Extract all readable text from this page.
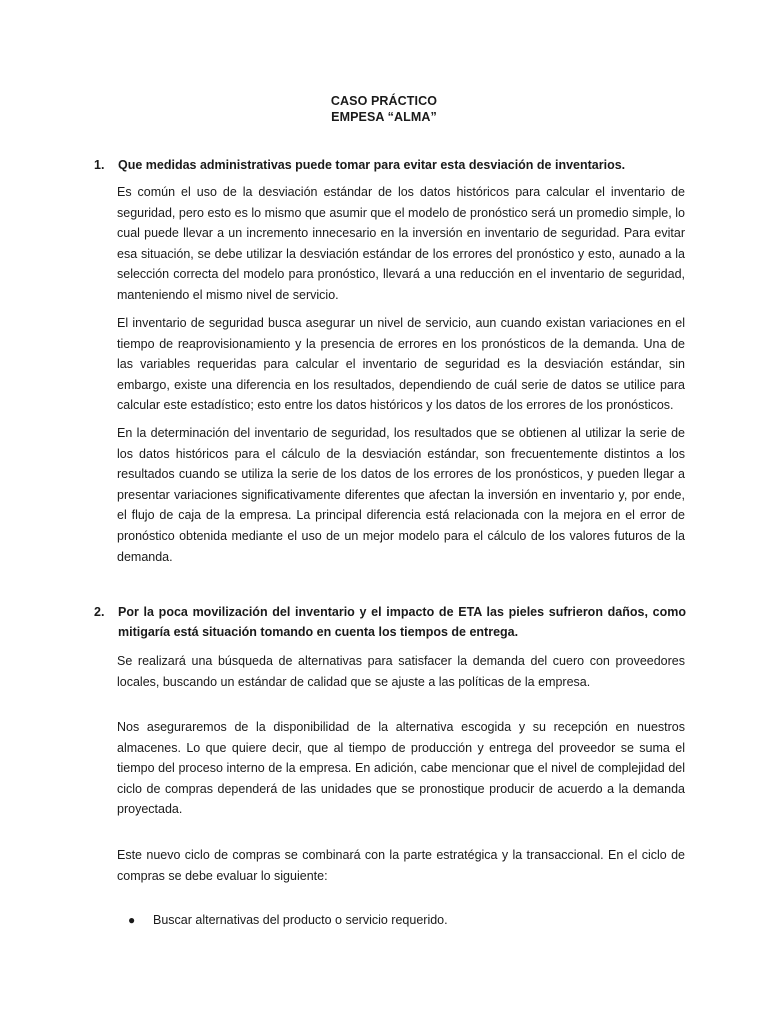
CASO PRÁCTICO
EMPESA “ALMA”
1. Que medidas administrativas puede tomar para evitar esta desviación de inventarios.
Es común el uso de la desviación estándar de los datos históricos para calcular el inventario de seguridad, pero esto es lo mismo que asumir que el modelo de pronóstico será un promedio simple, lo cual puede llevar a un incremento innecesario en la inversión en inventario de seguridad. Para evitar esa situación, se debe utilizar la desviación estándar de los errores del pronóstico y esto, aunado a la selección correcta del modelo para pronóstico, llevará a una reducción en el inventario de seguridad, manteniendo el mismo nivel de servicio.
El inventario de seguridad busca asegurar un nivel de servicio, aun cuando existan variaciones en el tiempo de reaprovisionamiento y la presencia de errores en los pronósticos de la demanda. Una de las variables requeridas para calcular el inventario de seguridad es la desviación estándar, sin embargo, existe una diferencia en los resultados, dependiendo de cuál serie de datos se utilice para calcular este estadístico; esto entre los datos históricos y los datos de los errores de los pronósticos.
En la determinación del inventario de seguridad, los resultados que se obtienen al utilizar la serie de los datos históricos para el cálculo de la desviación estándar, son frecuentemente distintos a los resultados cuando se utiliza la serie de los datos de los errores de los pronósticos, y pueden llegar a presentar variaciones significativamente diferentes que afectan la inversión en inventario y, por ende, el flujo de caja de la empresa. La principal diferencia está relacionada con la mejora en el error de pronóstico obtenida mediante el uso de un mejor modelo para el cálculo de los valores futuros de la demanda.
2. Por la poca movilización del inventario y el impacto de ETA las pieles sufrieron daños, como mitigaría está situación tomando en cuenta los tiempos de entrega.
Se realizará una búsqueda de alternativas para satisfacer la demanda del cuero con proveedores locales, buscando un estándar de calidad que se ajuste a las políticas de la empresa.
Nos aseguraremos de la disponibilidad de la alternativa escogida y su recepción en nuestros almacenes. Lo que quiere decir, que al tiempo de producción y entrega del proveedor se suma el tiempo del proceso interno de la empresa. En adición, cabe mencionar que el nivel de complejidad del ciclo de compras dependerá de las unidades que se pronostique producir de acuerdo a la demanda proyectada.
Este nuevo ciclo de compras se combinará con la parte estratégica y la transaccional. En el ciclo de compras se debe evaluar lo siguiente:
● Buscar alternativas del producto o servicio requerido.
